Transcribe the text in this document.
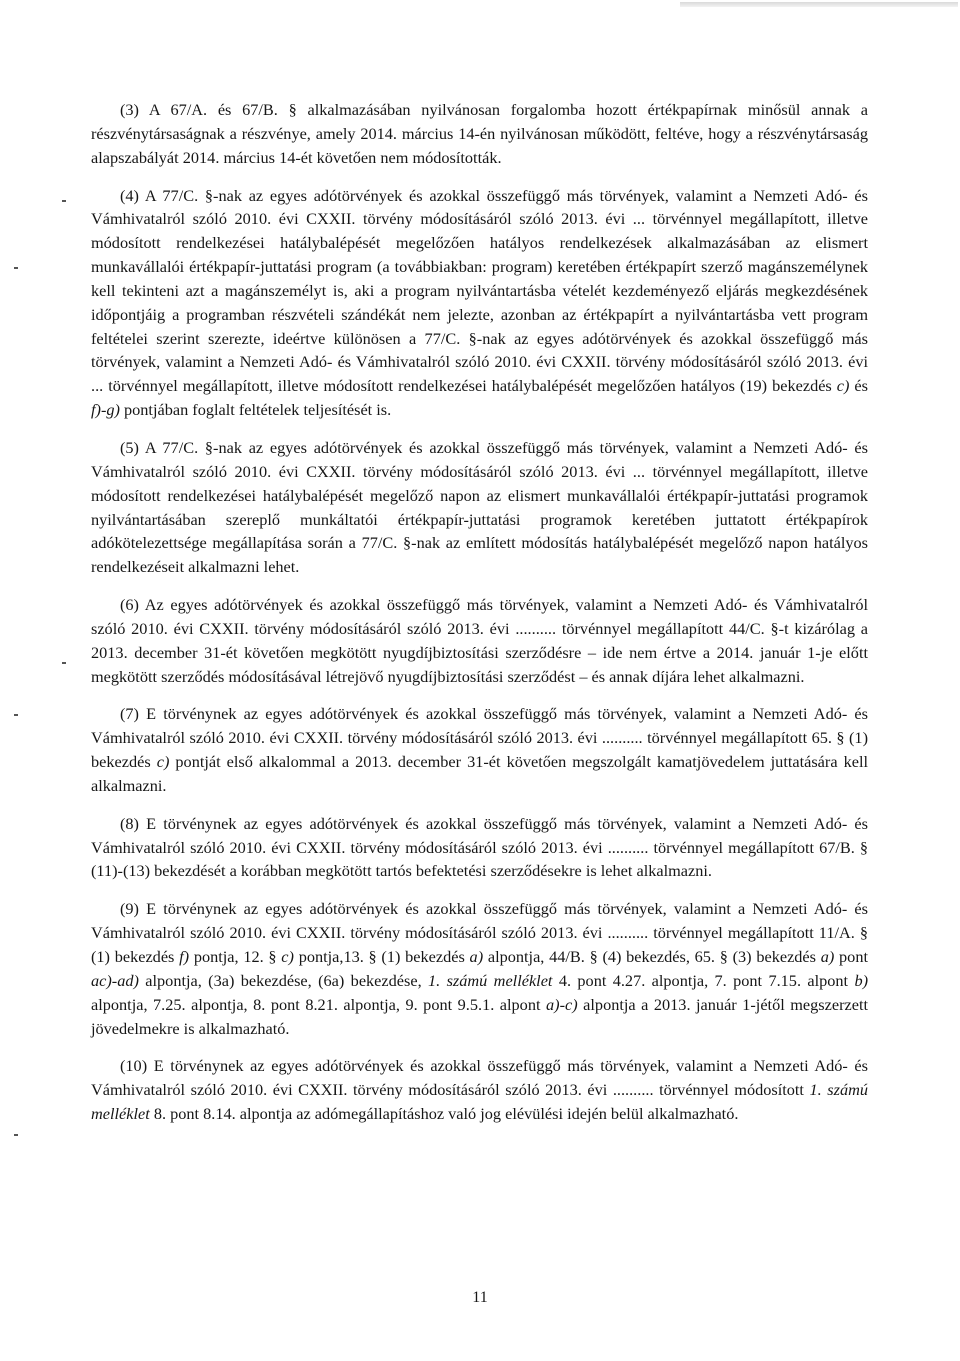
(3) A 67/A. és 67/B. § alkalmazásában nyilvánosan forgalomba hozott értékpapírnak minősül annak a részvénytársaságnak a részvénye, amely 2014. március 14-én nyilvánosan működött, feltéve, hogy a részvénytársaság alapszabályát 2014. március 14-ét követően nem módosították.

(4) A 77/C. §-nak az egyes adótörvények és azokkal összefüggő más törvények, valamint a Nemzeti Adó- és Vámhivatalról szóló 2010. évi CXXII. törvény módosításáról szóló 2013. évi ... törvénnyel megállapított, illetve módosított rendelkezései hatálybalépését megelőzően hatályos rendelkezések alkalmazásában az elismert munkavállalói értékpapír-juttatási program (a továbbiakban: program) keretében értékpapírt szerző magánszemélynek kell tekinteni azt a magánszemélyt is, aki a program nyilvántartásba vételét kezdeményező eljárás megkezdésének időpontjáig a programban részvételi szándékát nem jelezte, azonban az értékpapírt a nyilvántartásba vett program feltételei szerint szerezte, ideértve különösen a 77/C. §-nak az egyes adótörvények és azokkal összefüggő más törvények, valamint a Nemzeti Adó- és Vámhivatalról szóló 2010. évi CXXII. törvény módosításáról szóló 2013. évi ... törvénnyel megállapított, illetve módosított rendelkezései hatálybalépését megelőzően hatályos (19) bekezdés c) és f)-g) pontjában foglalt feltételek teljesítését is.

(5) A 77/C. §-nak az egyes adótörvények és azokkal összefüggő más törvények, valamint a Nemzeti Adó- és Vámhivatalról szóló 2010. évi CXXII. törvény módosításáról szóló 2013. évi ... törvénnyel megállapított, illetve módosított rendelkezései hatálybalépését megelőző napon az elismert munkavállalói értékpapír-juttatási programok nyilvántartásában szereplő munkáltatói értékpapír-juttatási programok keretében juttatott értékpapírok adókötelezettsége megállapítása során a 77/C. §-nak az említett módosítás hatálybalépését megelőző napon hatályos rendelkezéseit alkalmazni lehet.

(6) Az egyes adótörvények és azokkal összefüggő más törvények, valamint a Nemzeti Adó- és Vámhivatalról szóló 2010. évi CXXII. törvény módosításáról szóló 2013. évi .......... törvénnyel megállapított 44/C. §-t kizárólag a 2013. december 31-ét követően megkötött nyugdíjbiztosítási szerződésre – ide nem értve a 2014. január 1-je előtt megkötött szerződés módosításával létrejövő nyugdíjbiztosítási szerződést – és annak díjára lehet alkalmazni.

(7) E törvénynek az egyes adótörvények és azokkal összefüggő más törvények, valamint a Nemzeti Adó- és Vámhivatalról szóló 2010. évi CXXII. törvény módosításáról szóló 2013. évi .......... törvénnyel megállapított 65. § (1) bekezdés c) pontját első alkalommal a 2013. december 31-ét követően megszolgált kamatjövedelem juttatására kell alkalmazni.

(8) E törvénynek az egyes adótörvények és azokkal összefüggő más törvények, valamint a Nemzeti Adó- és Vámhivatalról szóló 2010. évi CXXII. törvény módosításáról szóló 2013. évi .......... törvénnyel megállapított 67/B. § (11)-(13) bekezdését a korábban megkötött tartós befektetési szerződésekre is lehet alkalmazni.

(9) E törvénynek az egyes adótörvények és azokkal összefüggő más törvények, valamint a Nemzeti Adó- és Vámhivatalról szóló 2010. évi CXXII. törvény módosításáról szóló 2013. évi .......... törvénnyel megállapított 11/A. § (1) bekezdés f) pontja, 12. § c) pontja,13. § (1) bekezdés a) alpontja, 44/B. § (4) bekezdés, 65. § (3) bekezdés a) pont ac)-ad) alpontja, (3a) bekezdése, (6a) bekezdése, 1. számú melléklet 4. pont 4.27. alpontja, 7. pont 7.15. alpont b) alpontja, 7.25. alpontja, 8. pont 8.21. alpontja, 9. pont 9.5.1. alpont a)-c) alpontja a 2013. január 1-jétől megszerzett jövedelmekre is alkalmazható.

(10) E törvénynek az egyes adótörvények és azokkal összefüggő más törvények, valamint a Nemzeti Adó- és Vámhivatalról szóló 2010. évi CXXII. törvény módosításáról szóló 2013. évi .......... törvénnyel módosított 1. számú melléklet 8. pont 8.14. alpontja az adómegállapításhoz való jog elévülési idején belül alkalmazható.

11
